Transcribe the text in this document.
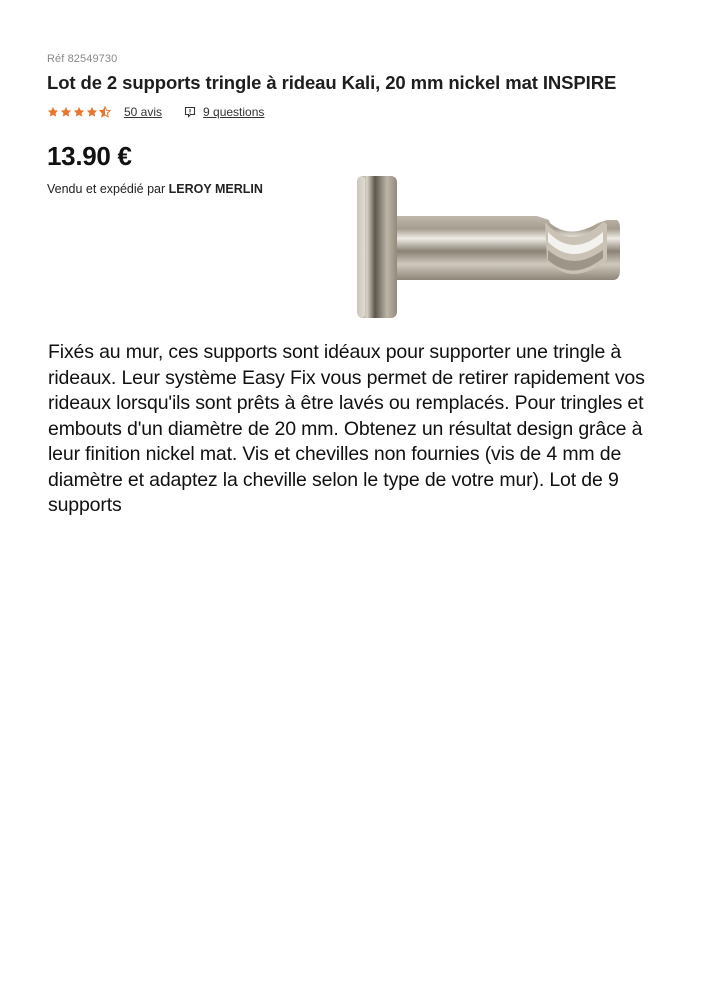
Réf 82549730
Lot de 2 supports tringle à rideau Kali, 20 mm nickel mat INSPIRE
50 avis	9 questions
13.90 €
Vendu et expédié par LEROY MERLIN

Fixés au mur, ces supports sont idéaux pour supporter une tringle à rideaux. Leur système Easy Fix vous permet de retirer rapidement vos rideaux lorsqu'ils sont prêts à être lavés ou remplacés. Pour tringles et embouts d'un diamètre de 20 mm. Obtenez un résultat design grâce à leur finition nickel mat. Vis et chevilles non fournies (vis de 4 mm de diamètre et adaptez la cheville selon le type de votre mur). Lot de 9 supports
